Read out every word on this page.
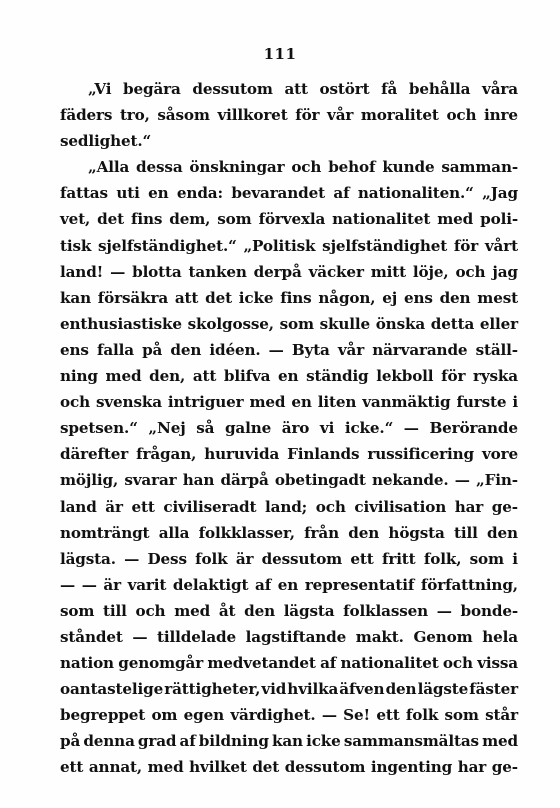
111
„Vi begära dessutom att ostört få behålla våra
fäders tro, såsom villkoret för vår moralitet och inre
sedlighet.“
„Alla dessa önskningar och behof kunde samman-
fattas uti en enda: bevarandet af nationaliten.“ „Jag
vet, det fins dem, som förvexla nationalitet med poli-
tisk sjelfständighet.“ „Politisk sjelfständighet för vårt
land! — blotta tanken derpå väcker mitt löje, och jag
kan försäkra att det icke fins någon, ej ens den mest
enthusiastiske skolgosse, som skulle önska detta eller
ens falla på den idéen. — Byta vår närvarande ställ-
ning med den, att blifva en ständig lekboll för ryska
och svenska intriguer med en liten vanmäktig furste i
spetsen.“ „Nej så galne äro vi icke.“ — Berörande
därefter frågan, huruvida Finlands russificering vore
möjlig, svarar han därpå obetingadt nekande. — „Fin-
land är ett civiliseradt land; och civilisation har ge-
nomträngt alla folkklasser, från den högsta till den
lägsta. — Dess folk är dessutom ett fritt folk, som i
— — är varit delaktigt af en representatif författning,
som till och med åt den lägsta folklassen — bonde-
ståndet — tilldelade lagstiftande makt. Genom hela
nation genomgår medvetandet af nationalitet och vissa
oantastelige rättigheter, vid hvilka äfven den lägste fäster
begreppet om egen värdighet. — Se! ett folk som står
på denna grad af bildning kan icke sammansmältas med
ett annat, med hvilket det dessutom ingenting har ge-
